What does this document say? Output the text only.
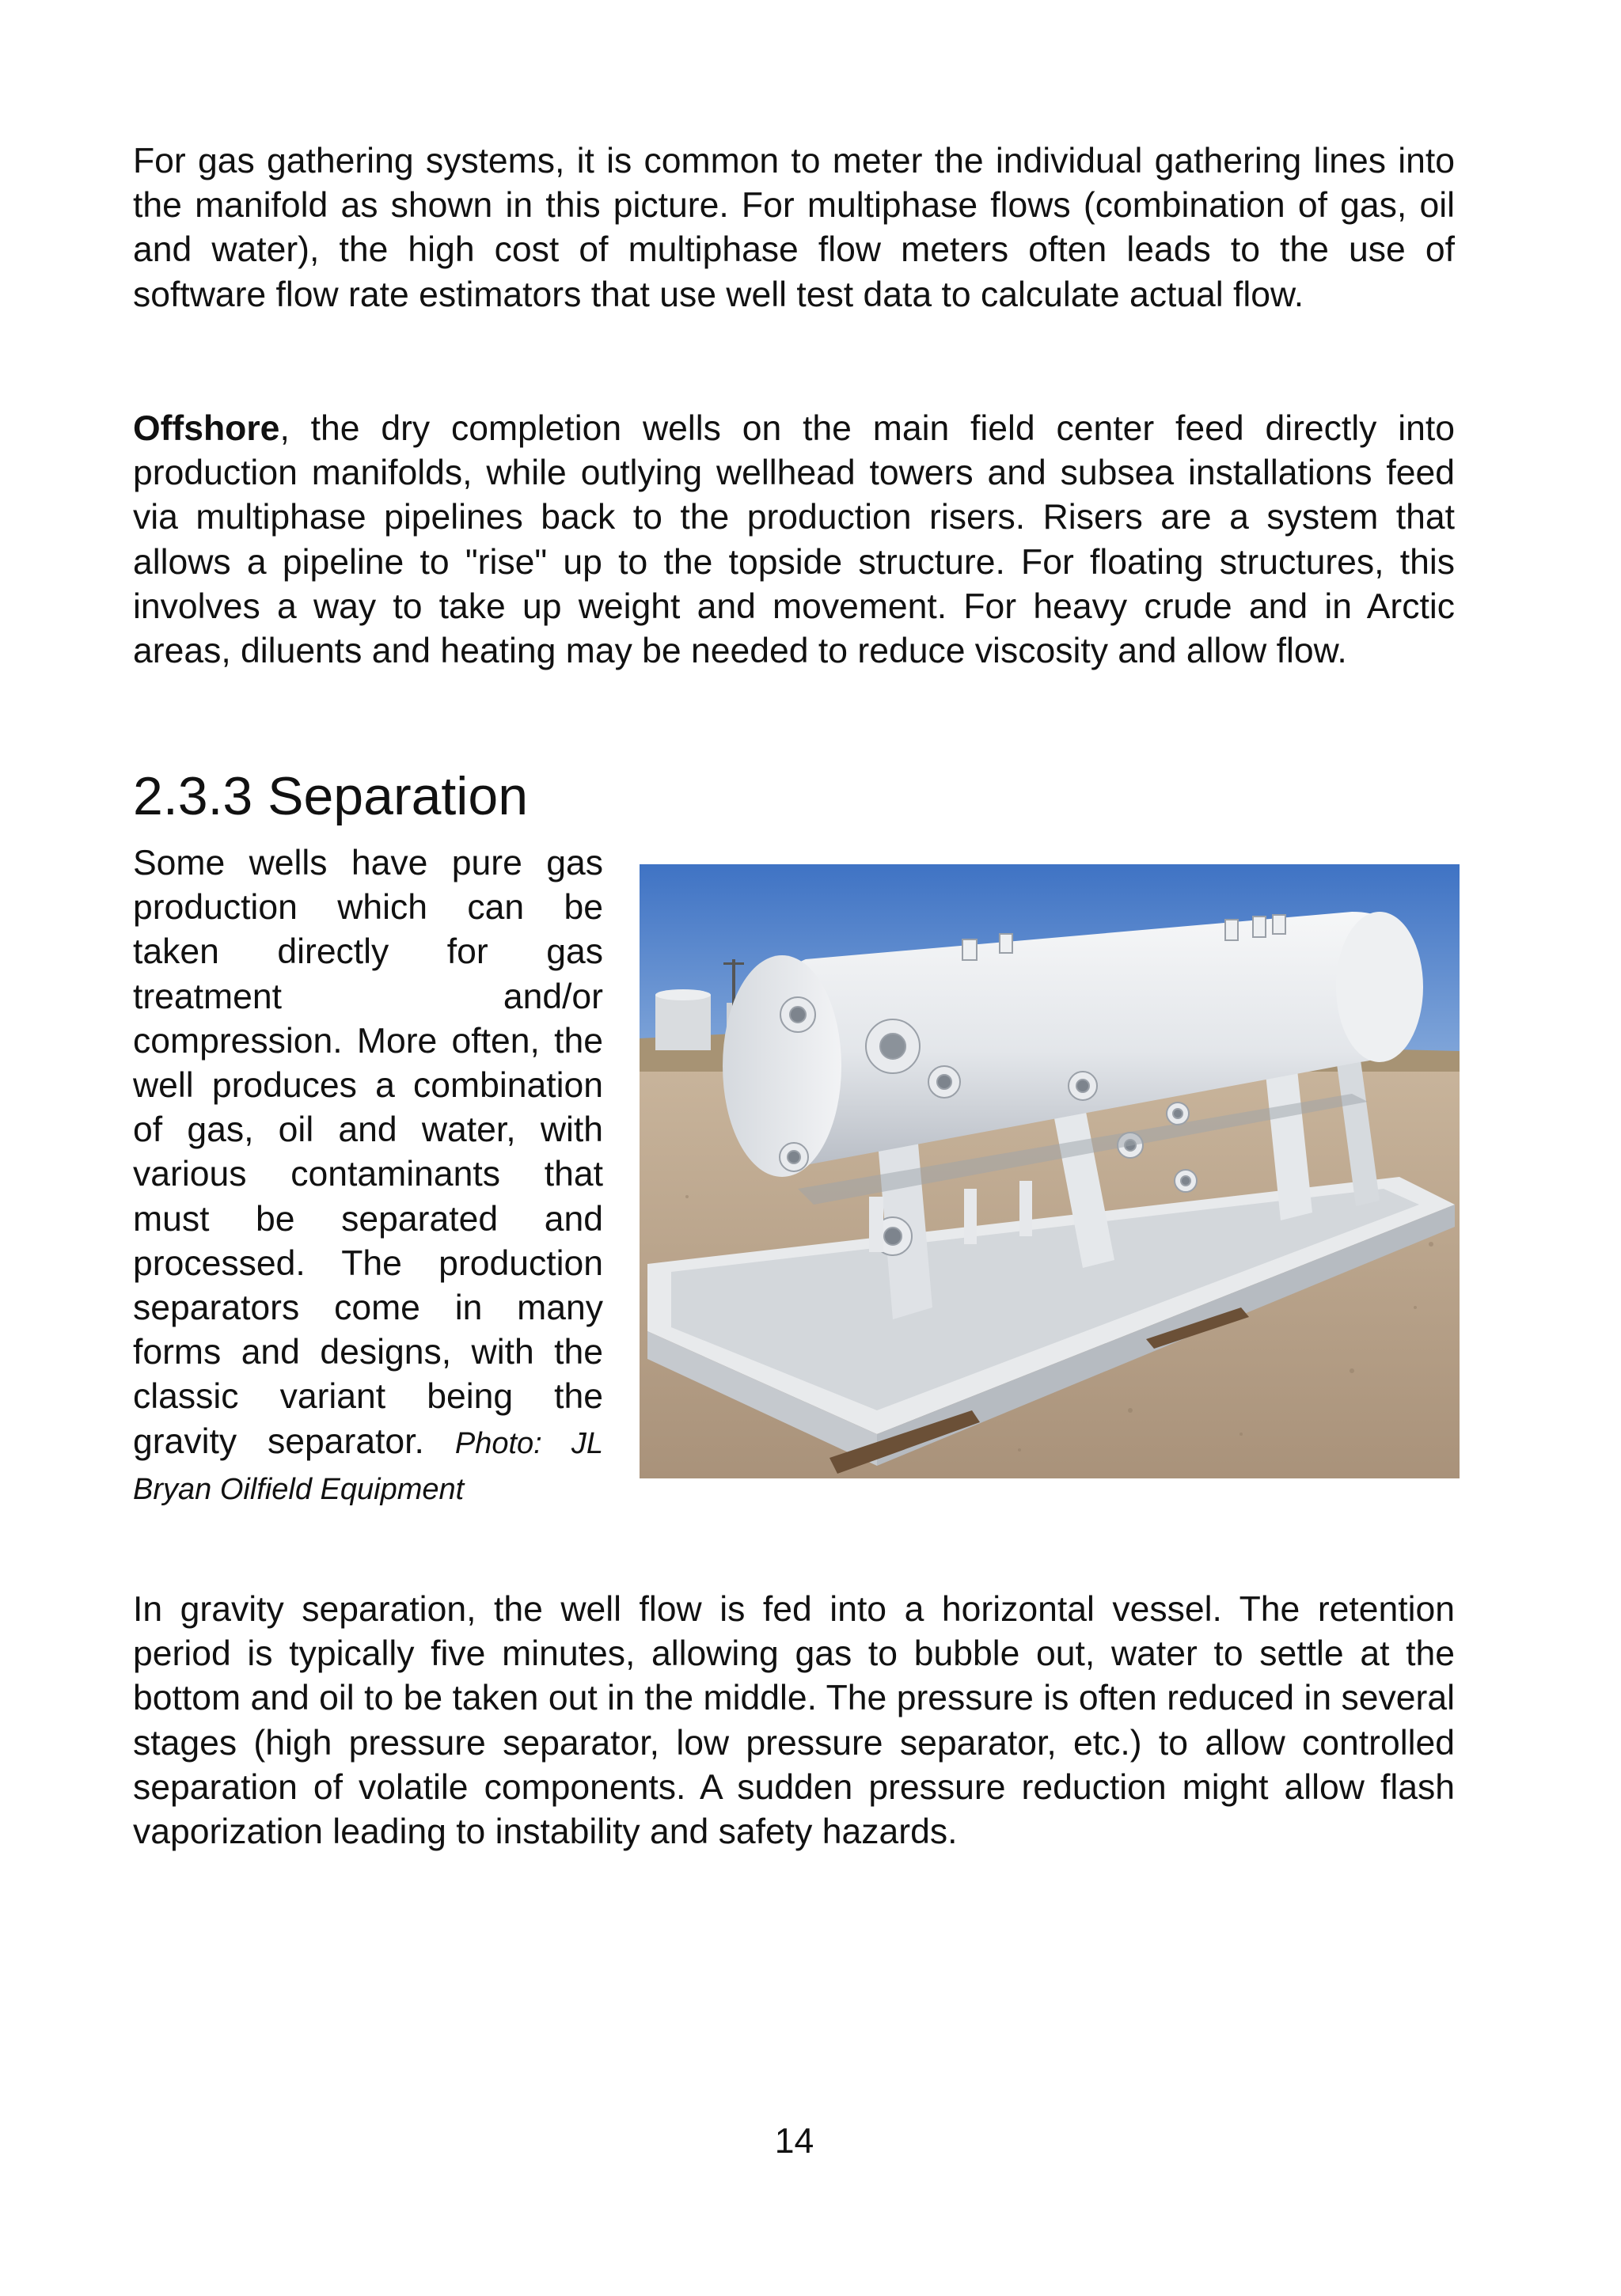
For gas gathering systems, it is common to meter the individual gathering lines into the manifold as shown in this picture. For multiphase flows (combination of gas, oil and water), the high cost of multiphase flow meters often leads to the use of software flow rate estimators that use well test data to calculate actual flow.

Offshore, the dry completion wells on the main field center feed directly into production manifolds, while outlying wellhead towers and subsea installations feed via multiphase pipelines back to the production risers. Risers are a system that allows a pipeline to "rise" up to the topside structure. For floating structures, this involves a way to take up weight and movement. For heavy crude and in Arctic areas, diluents and heating may be needed to reduce viscosity and allow flow.

2.3.3 Separation

Some wells have pure gas production which can be taken directly for gas treatment and/or compression. More often, the well produces a combination of gas, oil and water, with various contaminants that must be separated and processed. The production separators come in many forms and designs, with the classic variant being the gravity separator. Photo: JL Bryan Oilfield Equipment

In gravity separation, the well flow is fed into a horizontal vessel. The retention period is typically five minutes, allowing gas to bubble out, water to settle at the bottom and oil to be taken out in the middle. The pressure is often reduced in several stages (high pressure separator, low pressure separator, etc.) to allow controlled separation of volatile components. A sudden pressure reduction might allow flash vaporization leading to instability and safety hazards.

14
